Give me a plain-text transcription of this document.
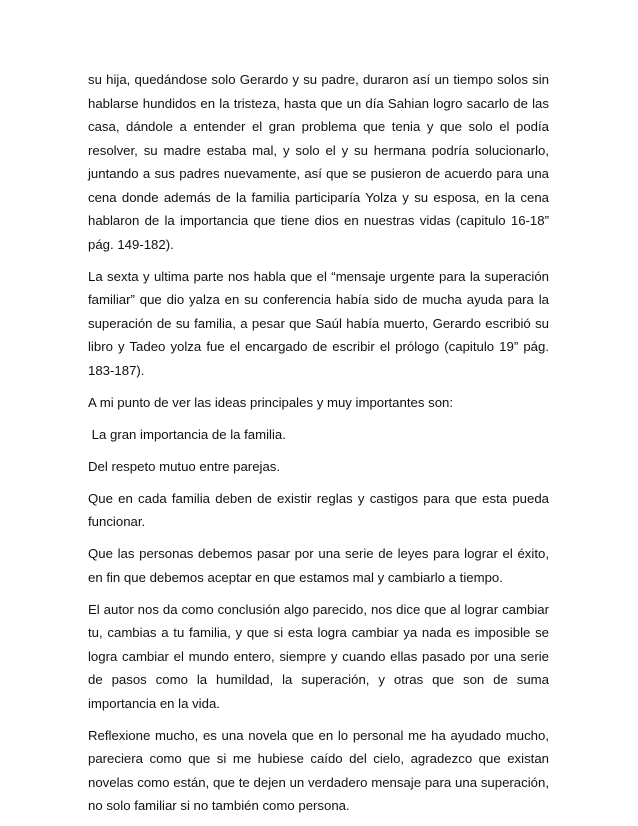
su hija, quedándose solo Gerardo y su padre, duraron así un tiempo solos sin hablarse hundidos en la tristeza, hasta que un día Sahian logro sacarlo de las casa, dándole a entender el gran problema que tenia y que solo el podía resolver, su madre estaba mal, y solo el y su hermana podría solucionarlo, juntando a sus padres nuevamente, así que se pusieron de acuerdo para una cena donde además de la familia participaría Yolza y su esposa, en la cena hablaron de la importancia que tiene dios en nuestras vidas (capitulo 16-18” pág. 149-182).

La sexta y ultima parte nos habla que el “mensaje urgente para la superación familiar” que dio yalza en su conferencia había sido de mucha ayuda para la superación de su familia, a pesar que Saúl había muerto, Gerardo escribió su libro y Tadeo yolza fue el encargado de escribir el prólogo (capitulo 19” pág. 183-187).

A mi punto de ver las ideas principales y muy importantes son:

La gran importancia de la familia.

Del respeto mutuo entre parejas.

Que en cada familia deben de existir reglas y castigos para que esta pueda funcionar.

Que las personas debemos pasar por una serie de leyes para lograr el éxito, en fin que debemos aceptar en que estamos mal y cambiarlo a tiempo.

El autor nos da como conclusión algo parecido, nos dice que al lograr cambiar tu, cambias a tu familia, y que si esta logra cambiar ya nada es imposible se logra cambiar el mundo entero, siempre y cuando ellas pasado por una serie de pasos como la humildad, la superación, y otras que son de suma importancia en la vida.

Reflexione mucho, es una novela que en lo personal me ha ayudado mucho, pareciera como que si me hubiese caído del cielo, agradezco que existan novelas como están, que te dejen un verdadero mensaje para una superación, no solo familiar si no también como persona.
